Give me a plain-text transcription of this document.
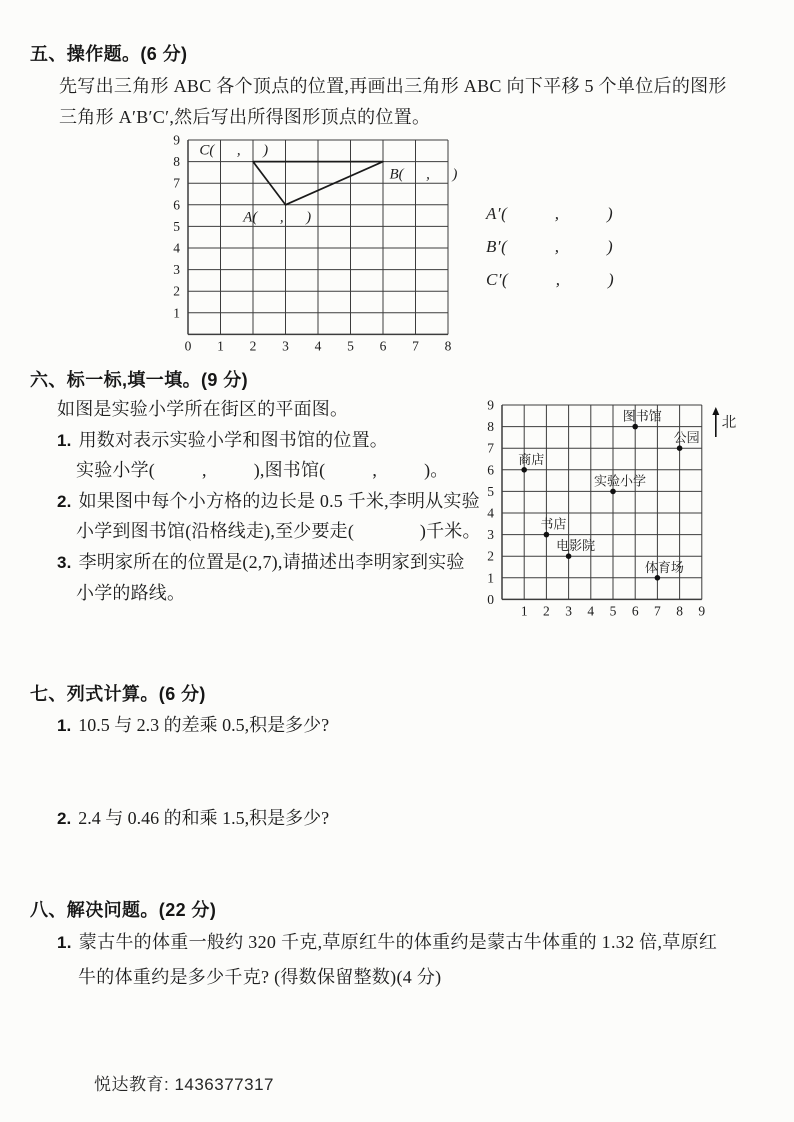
五、操作题。(6 分)
先写出三角形 ABC 各个顶点的位置,再画出三角形 ABC 向下平移 5 个单位后的图形
三角形 A′B′C′,然后写出所得图形顶点的位置。
9
8
7
6
5
4
3
2
1
0 1 2 3 4 5 6 7 8
C(      ,      )
B(      ,      )
A(      ,      )	A′(          ,          )
B′(          ,          )
C′(          ,          )
六、标一标,填一填。(9 分)
如图是实验小学所在街区的平面图。
1. 用数对表示实验小学和图书馆的位置。
实验小学(          ,          ),图书馆(          ,          )。
2. 如果图中每个小方格的边长是 0.5 千米,李明从实验
小学到图书馆(沿格线走),至少要走(              )千米。
3. 李明家所在的位置是(2,7),请描述出李明家到实验
小学的路线。
9
8
7
6
5
4
3
2
1
0
1 2 3 4 5 6 7 8 9
图书馆
公园
商店
实验小学
书店
电影院
体育场
北
七、列式计算。(6 分)
1. 10.5 与 2.3 的差乘 0.5,积是多少?
2. 2.4 与 0.46 的和乘 1.5,积是多少?
八、解决问题。(22 分)
1. 蒙古牛的体重一般约 320 千克,草原红牛的体重约是蒙古牛体重的 1.32 倍,草原红
牛的体重约是多少千克? (得数保留整数)(4 分)
悦达教育: 1436377317
